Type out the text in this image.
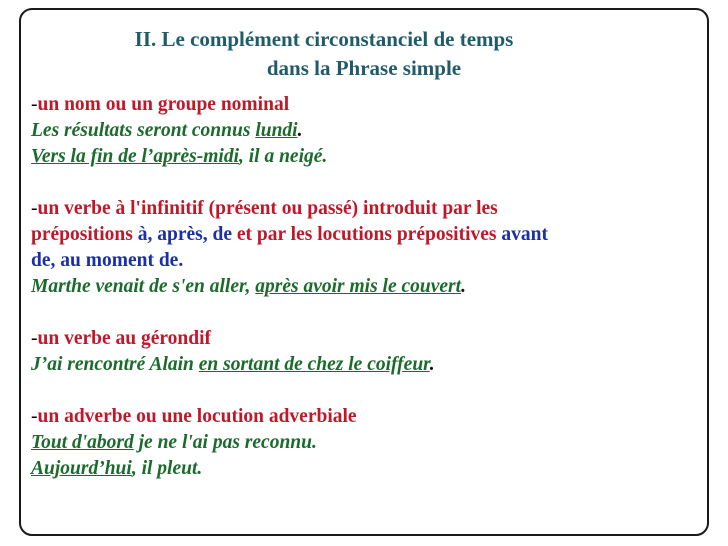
II. Le complément circonstanciel de temps
dans la Phrase simple
-un nom ou un groupe nominal
Les résultats seront connus lundi.
Vers la fin de l’après-midi, il a neigé.
-un verbe à l'infinitif (présent ou passé) introduit par les
prépositions à, après, de et par les locutions prépositives avant
de, au moment de.
Marthe venait de s'en aller, après avoir mis le couvert.
-un verbe au gérondif
J’ai rencontré Alain en sortant de chez le coiffeur.
-un adverbe ou une locution adverbiale
Tout d'abord je ne l'ai pas reconnu.
Aujourd’hui, il pleut.
